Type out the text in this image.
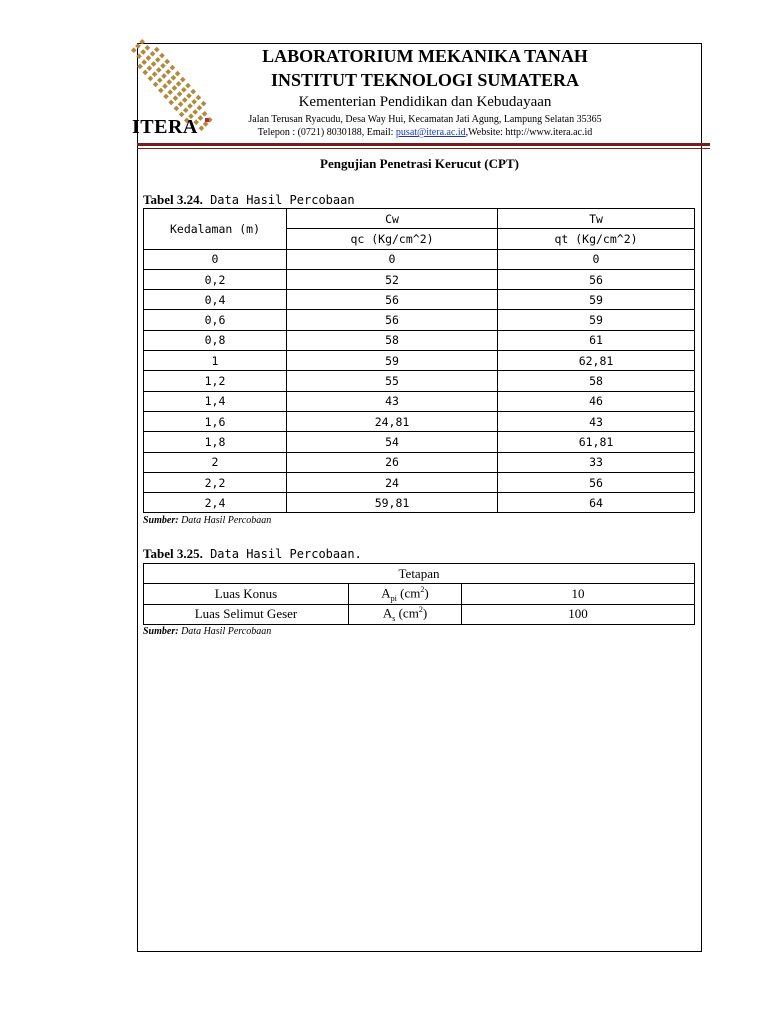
ITERA
LABORATORIUM MEKANIKA TANAH
INSTITUT TEKNOLOGI SUMATERA
Kementerian Pendidikan dan Kebudayaan
Jalan Terusan Ryacudu, Desa Way Hui, Kecamatan Jati Agung, Lampung Selatan 35365
Telepon : (0721) 8030188, Email: pusat@itera.ac.id,Website: http://www.itera.ac.id
Pengujian Penetrasi Kerucut (CPT)
Tabel 3.24. Data Hasil Percobaan
Kedalaman (m)	Cw	Tw
	qc (Kg/cm^2)	qt (Kg/cm^2)
0	0	0
0,2	52	56
0,4	56	59
0,6	56	59
0,8	58	61
1	59	62,81
1,2	55	58
1,4	43	46
1,6	24,81	43
1,8	54	61,81
2	26	33
2,2	24	56
2,4	59,81	64
Sumber: Data Hasil Percobaan
Tabel 3.25. Data Hasil Percobaan.
Tetapan		
Luas Konus	$A_{pi}$ $(cm^2)$	10
Luas Selimut Geser	$A_s$ $(cm^2)$	100
Sumber: Data Hasil Percobaan
